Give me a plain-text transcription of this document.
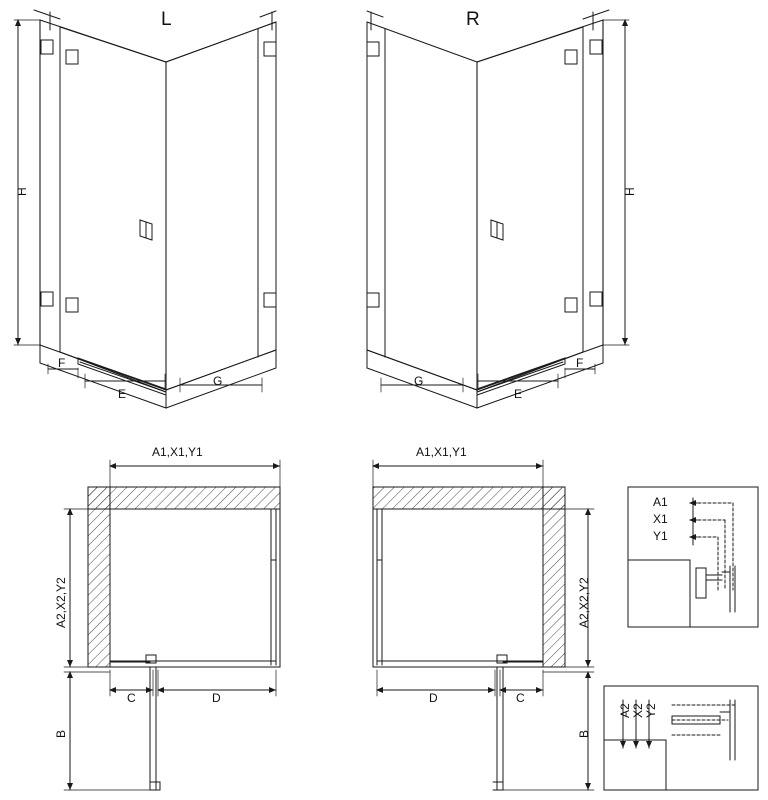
L	R
H	H
F
E
G	G
E
F
A1,X1,Y1
A2,X2,Y2
C	D
B
A1,X1,Y1
A2,X2,Y2
D	C
B
A1
X1
Y1
A2 X2 Y2
